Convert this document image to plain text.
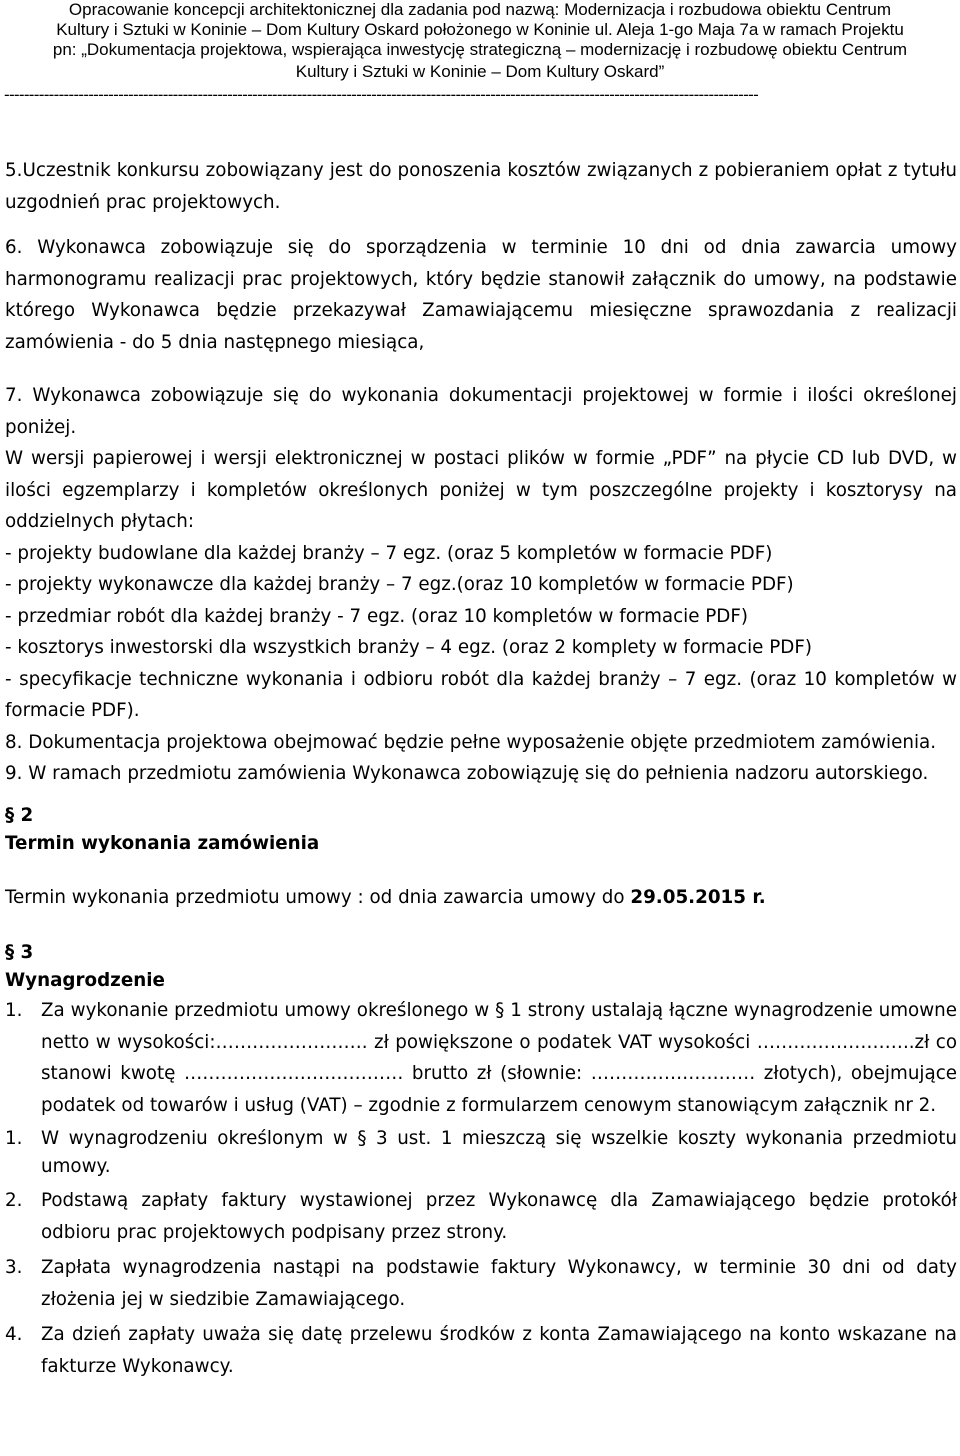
Opracowanie koncepcji architektonicznej dla zadania pod nazwą: Modernizacja i rozbudowa obiektu Centrum
Kultury i Sztuki w Koninie – Dom Kultury Oskard położonego w Koninie ul. Aleja 1-go Maja 7a w ramach Projektu
pn: „Dokumentacja projektowa, wspierająca inwestycję strategiczną – modernizację i rozbudowę obiektu Centrum
Kultury i Sztuki w Koninie – Dom Kultury Oskard”
--------------------------------------------------------------------------------------------------------------------------------------------------------

5.Uczestnik konkursu zobowiązany jest do ponoszenia kosztów związanych z pobieraniem opłat z tytułu uzgodnień prac projektowych.

6. Wykonawca zobowiązuje się do sporządzenia w terminie 10 dni od dnia zawarcia umowy harmonogramu realizacji prac projektowych, który będzie stanowił załącznik do umowy, na podstawie którego Wykonawca będzie przekazywał Zamawiającemu miesięczne sprawozdania z realizacji zamówienia - do 5 dnia następnego miesiąca,

7. Wykonawca zobowiązuje się do wykonania dokumentacji projektowej w formie i ilości określonej poniżej.

W wersji papierowej i wersji elektronicznej w postaci plików w formie „PDF” na płycie CD lub DVD, w ilości egzemplarzy i kompletów określonych poniżej w tym poszczególne projekty i kosztorysy na oddzielnych płytach:

- projekty budowlane dla każdej branży – 7 egz. (oraz 5 kompletów w formacie PDF)

- projekty wykonawcze dla każdej branży – 7 egz.(oraz 10 kompletów w formacie PDF)

- przedmiar robót dla każdej branży - 7 egz. (oraz 10 kompletów w formacie PDF)

- kosztorys inwestorski dla wszystkich branży – 4 egz. (oraz 2 komplety w formacie PDF)

- specyfikacje techniczne wykonania i odbioru robót dla każdej branży – 7 egz. (oraz 10 kompletów w formacie PDF).

8. Dokumentacja projektowa obejmować będzie pełne wyposażenie objęte przedmiotem zamówienia.

9. W ramach przedmiotu zamówienia Wykonawca zobowiązuję się do pełnienia nadzoru autorskiego.

§ 2

Termin wykonania zamówienia

Termin wykonania przedmiotu umowy : od dnia zawarcia umowy do 29.05.2015 r.

§ 3

Wynagrodzenie

1.	Za wykonanie przedmiotu umowy określonego w § 1 strony ustalają łączne wynagrodzenie umowne netto w wysokości:……………………. zł powiększone o podatek VAT wysokości ……………………..zł co stanowi kwotę ……………………………… brutto zł (słownie: ……………………… złotych), obejmujące podatek od towarów i usług (VAT) – zgodnie z formularzem cenowym stanowiącym załącznik nr 2.
1.	W wynagrodzeniu określonym w § 3 ust. 1 mieszczą się wszelkie koszty wykonania przedmiotu umowy.
2.	Podstawą zapłaty faktury wystawionej przez Wykonawcę dla Zamawiającego będzie protokół odbioru prac projektowych podpisany przez strony.
3.	Zapłata wynagrodzenia nastąpi na podstawie faktury Wykonawcy, w terminie 30 dni od daty złożenia jej w siedzibie Zamawiającego.
4.	Za dzień zapłaty uważa się datę przelewu środków z konta Zamawiającego na konto wskazane na fakturze Wykonawcy.
